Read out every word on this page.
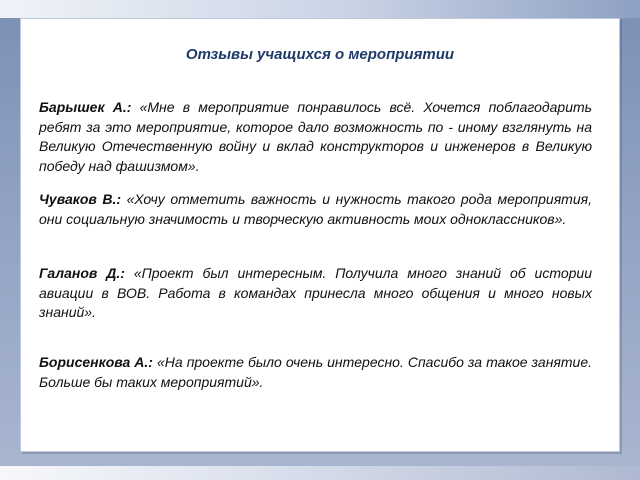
Отзывы учащихся о мероприятии
Барышек А.: «Мне в мероприятие понравилось всё. Хочется поблагодарить ребят за это мероприятие, которое дало возможность по - иному взглянуть на Великую Отечественную войну и вклад конструкторов и инженеров в Великую победу над фашизмом».
Чуваков В.: «Хочу отметить важность и нужность такого рода мероприятия, они социальную значимость и творческую активность моих одноклассников».
Галанов Д.: «Проект был интересным. Получила много знаний об истории авиации в ВОВ. Работа в командах принесла много общения и много новых знаний».
Борисенкова А.: «На проекте было очень интересно. Спасибо за такое занятие. Больше бы таких мероприятий».
